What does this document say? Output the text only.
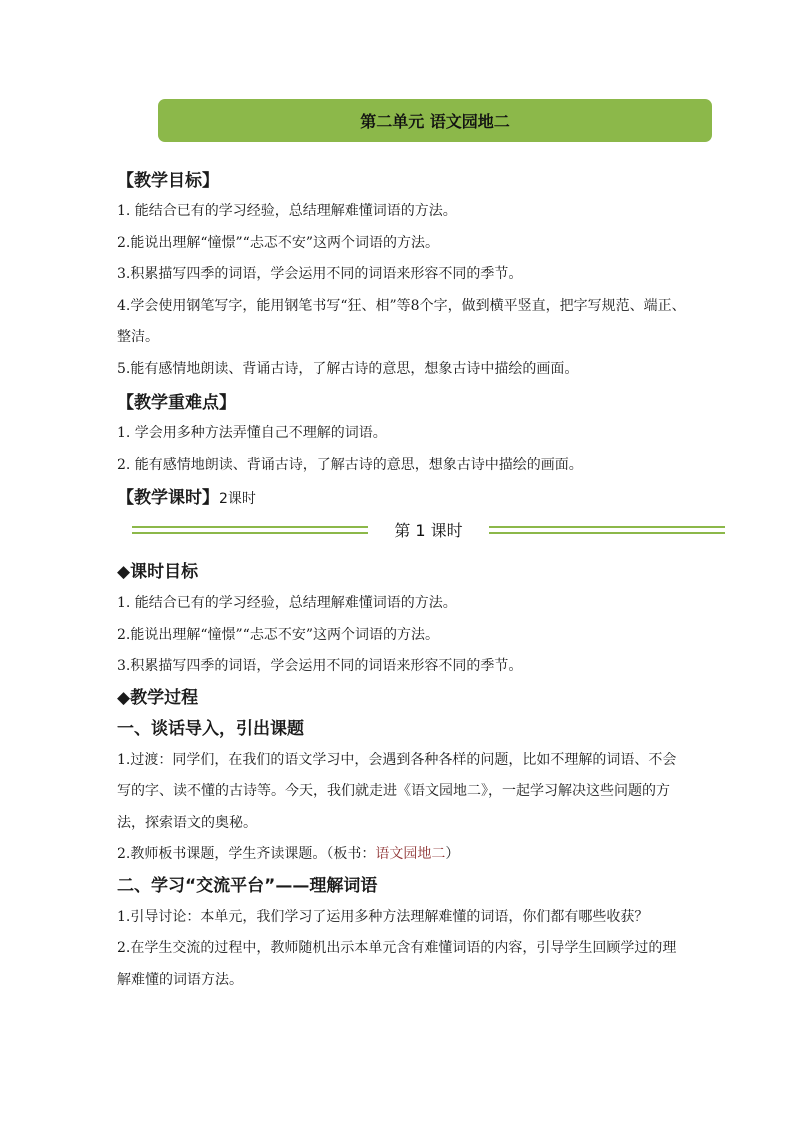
第二单元 语文园地二
【教学目标】
1. 能结合已有的学习经验，总结理解难懂词语的方法。
2.能说出理解“憧憬”“忐忑不安”这两个词语的方法。
3.积累描写四季的词语，学会运用不同的词语来形容不同的季节。
4.学会使用钢笔写字，能用钢笔书写“狂、相”等8个字，做到横平竖直，把字写规范、端正、整洁。
5.能有感情地朗读、背诵古诗，了解古诗的意思，想象古诗中描绘的画面。
【教学重难点】
1. 学会用多种方法弄懂自己不理解的词语。
2. 能有感情地朗读、背诵古诗，了解古诗的意思，想象古诗中描绘的画面。
【教学课时】2课时
第 1 课时
◆课时目标
1. 能结合已有的学习经验，总结理解难懂词语的方法。
2.能说出理解“憧憬”“忐忑不安”这两个词语的方法。
3.积累描写四季的词语，学会运用不同的词语来形容不同的季节。
◆教学过程
一、谈话导入，引出课题
1.过渡：同学们，在我们的语文学习中，会遇到各种各样的问题，比如不理解的词语、不会写的字、读不懂的古诗等。今天，我们就走进《语文园地二》，一起学习解决这些问题的方法，探索语文的奥秘。
2.教师板书课题，学生齐读课题。（板书：语文园地二）
二、学习“交流平台”——理解词语
1.引导讨论：本单元，我们学习了运用多种方法理解难懂的词语，你们都有哪些收获？
2.在学生交流的过程中，教师随机出示本单元含有难懂词语的内容，引导学生回顾学过的理解难懂的词语方法。
